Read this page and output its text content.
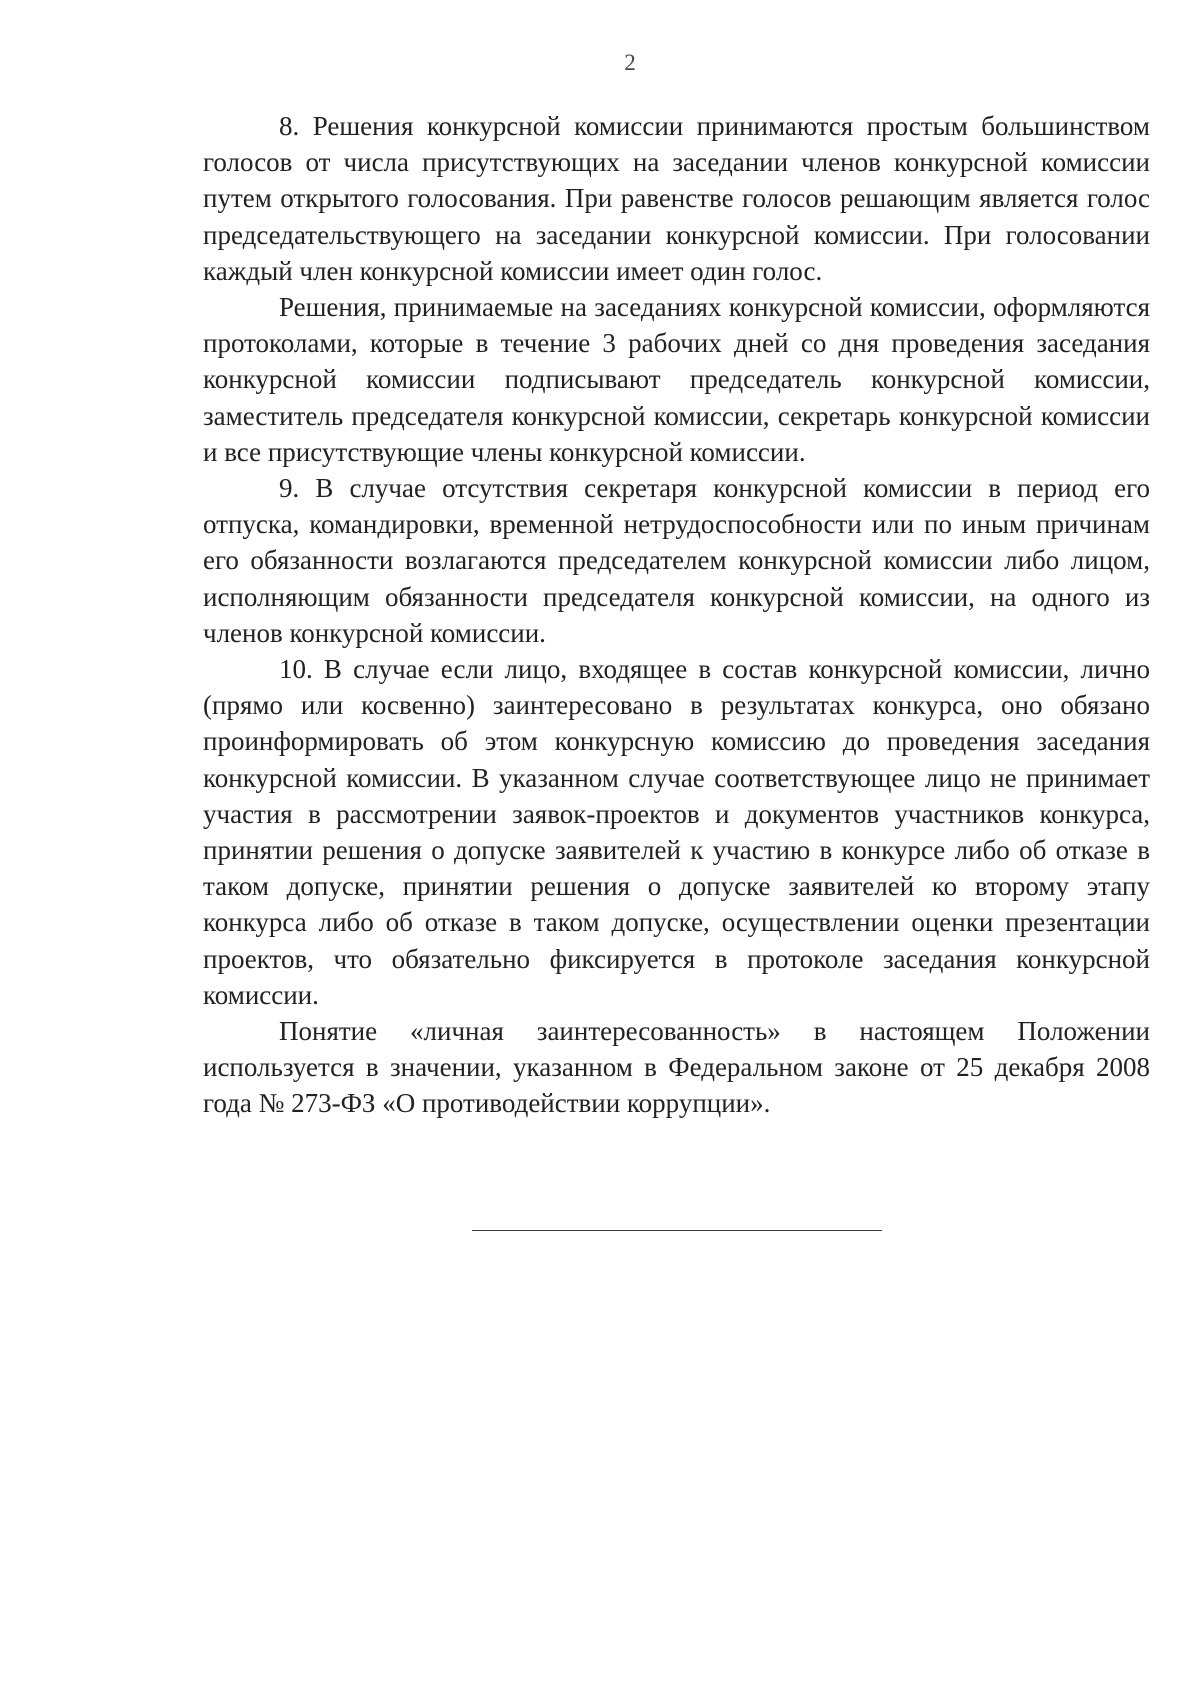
2

8. Решения конкурсной комиссии принимаются простым большинством голосов от числа присутствующих на заседании членов конкурсной комиссии путем открытого голосования. При равенстве голосов решающим является голос председательствующего на заседании конкурсной комиссии. При голосовании каждый член конкурсной комиссии имеет один голос.

Решения, принимаемые на заседаниях конкурсной комиссии, оформляются протоколами, которые в течение 3 рабочих дней со дня проведения заседания конкурсной комиссии подписывают председатель конкурсной комиссии, заместитель председателя конкурсной комиссии, секретарь конкурсной комиссии и все присутствующие члены конкурсной комиссии.

9. В случае отсутствия секретаря конкурсной комиссии в период его отпуска, командировки, временной нетрудоспособности или по иным причинам его обязанности возлагаются председателем конкурсной комиссии либо лицом, исполняющим обязанности председателя конкурсной комиссии, на одного из членов конкурсной комиссии.

10. В случае если лицо, входящее в состав конкурсной комиссии, лично (прямо или косвенно) заинтересовано в результатах конкурса, оно обязано проинформировать об этом конкурсную комиссию до проведения заседания конкурсной комиссии. В указанном случае соответствующее лицо не принимает участия в рассмотрении заявок-проектов и документов участников конкурса, принятии решения о допуске заявителей к участию в конкурсе либо об отказе в таком допуске, принятии решения о допуске заявителей ко второму этапу конкурса либо об отказе в таком допуске, осуществлении оценки презентации проектов, что обязательно фиксируется в протоколе заседания конкурсной комиссии.

Понятие «личная заинтересованность» в настоящем Положении используется в значении, указанном в Федеральном законе от 25 декабря 2008 года № 273-ФЗ «О противодействии коррупции».
